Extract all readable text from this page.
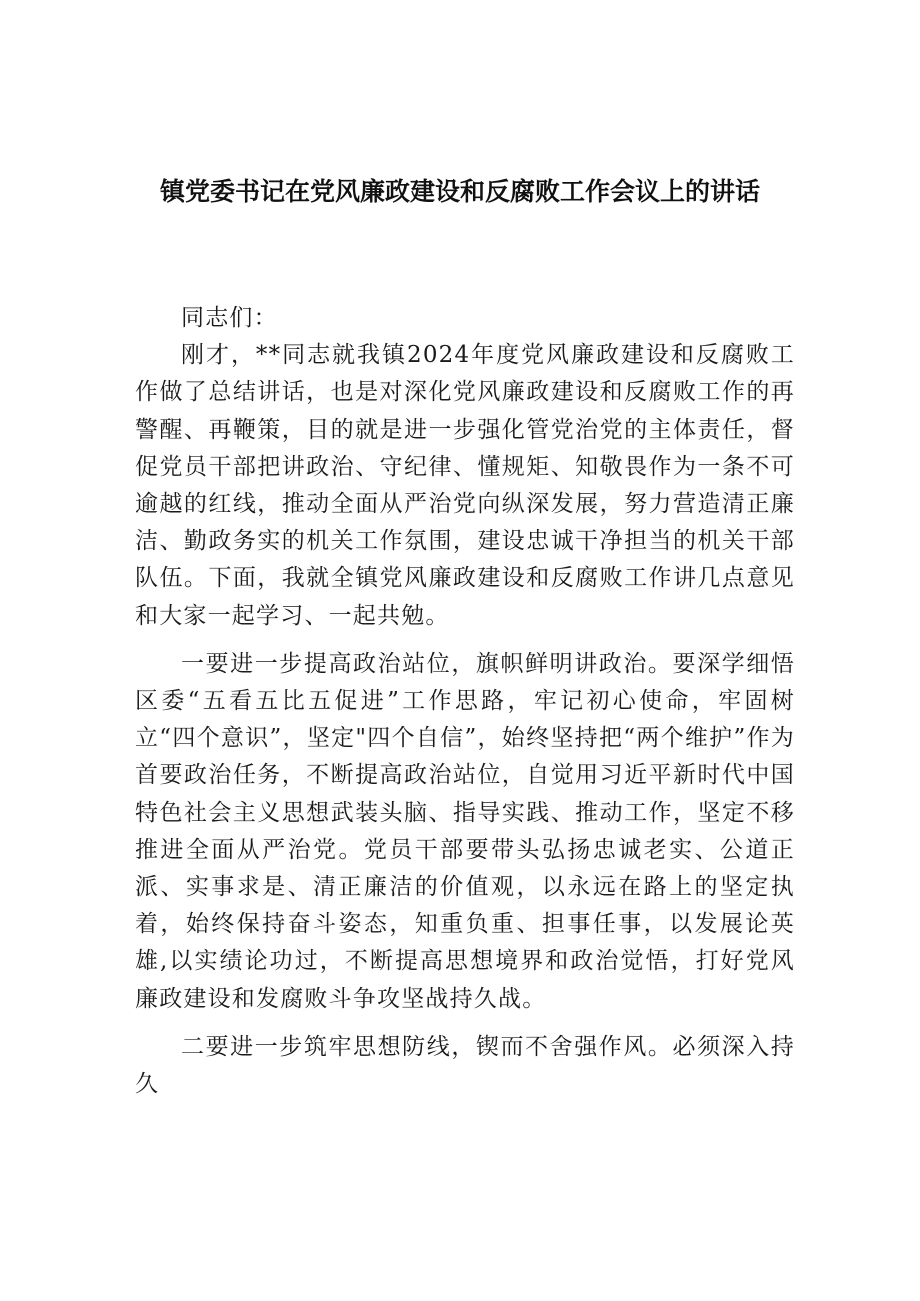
镇党委书记在党风廉政建设和反腐败工作会议上的讲话

同志们：

刚才，**同志就我镇2024年度党风廉政建设和反腐败工作做了总结讲话，也是对深化党风廉政建设和反腐败工作的再警醒、再鞭策，目的就是进一步强化管党治党的主体责任，督促党员干部把讲政治、守纪律、懂规矩、知敬畏作为一条不可逾越的红线，推动全面从严治党向纵深发展，努力营造清正廉洁、勤政务实的机关工作氛围，建设忠诚干净担当的机关干部队伍。下面，我就全镇党风廉政建设和反腐败工作讲几点意见和大家一起学习、一起共勉。

一要进一步提高政治站位，旗帜鲜明讲政治。要深学细悟区委“五看五比五促进”工作思路，牢记初心使命，牢固树立“四个意识”，坚定"四个自信”，始终坚持把“两个维护”作为首要政治任务，不断提高政治站位，自觉用习近平新时代中国特色社会主义思想武装头脑、指导实践、推动工作，坚定不移推进全面从严治党。党员干部要带头弘扬忠诚老实、公道正派、实事求是、清正廉洁的价值观，以永远在路上的坚定执着，始终保持奋斗姿态，知重负重、担事任事，以发展论英雄,以实绩论功过，不断提高思想境界和政治觉悟，打好党风廉政建设和发腐败斗争攻坚战持久战。

二要进一步筑牢思想防线，锲而不舍强作风。必须深入持久
